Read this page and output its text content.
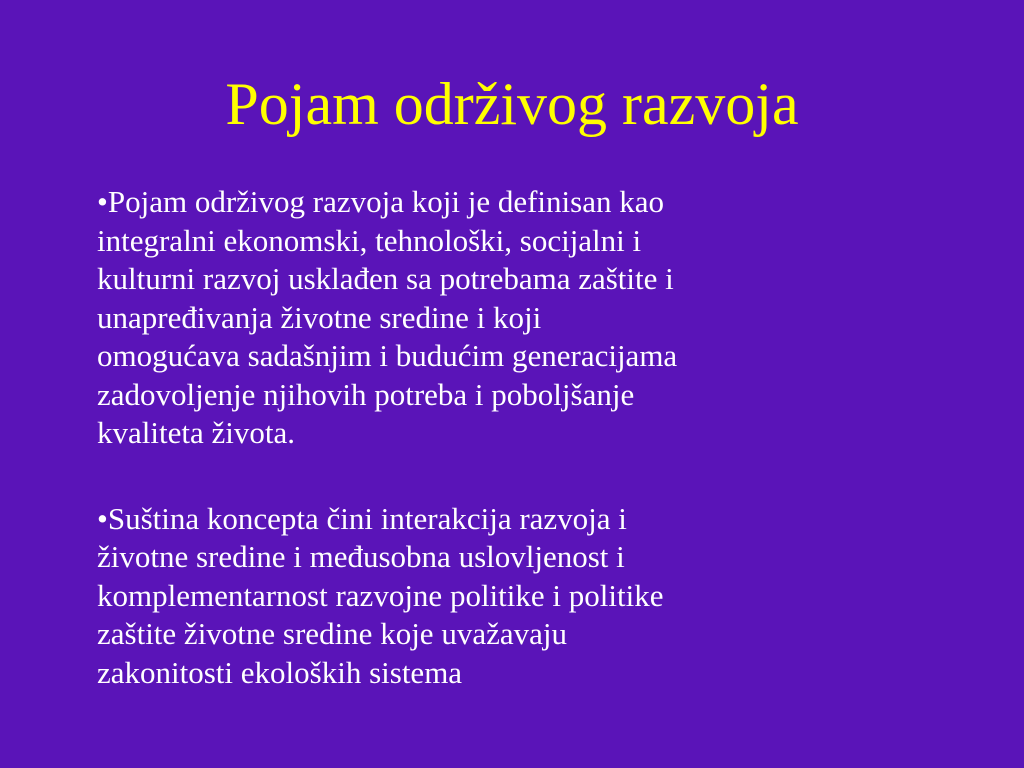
Pojam održivog razvoja
•Pojam održivog razvoja koji je definisan kao
integralni ekonomski, tehnološki, socijalni i
kulturni razvoj usklađen sa potrebama zaštite i
unapređivanja životne sredine i koji
omogućava sadašnjim i budućim generacijama
zadovoljenje njihovih potreba i poboljšanje
kvaliteta života.
•Suština koncepta čini interakcija razvoja i
životne sredine i međusobna uslovljenost i
komplementarnost razvojne politike i politike
zaštite životne sredine koje uvažavaju
zakonitosti ekoloških sistema
